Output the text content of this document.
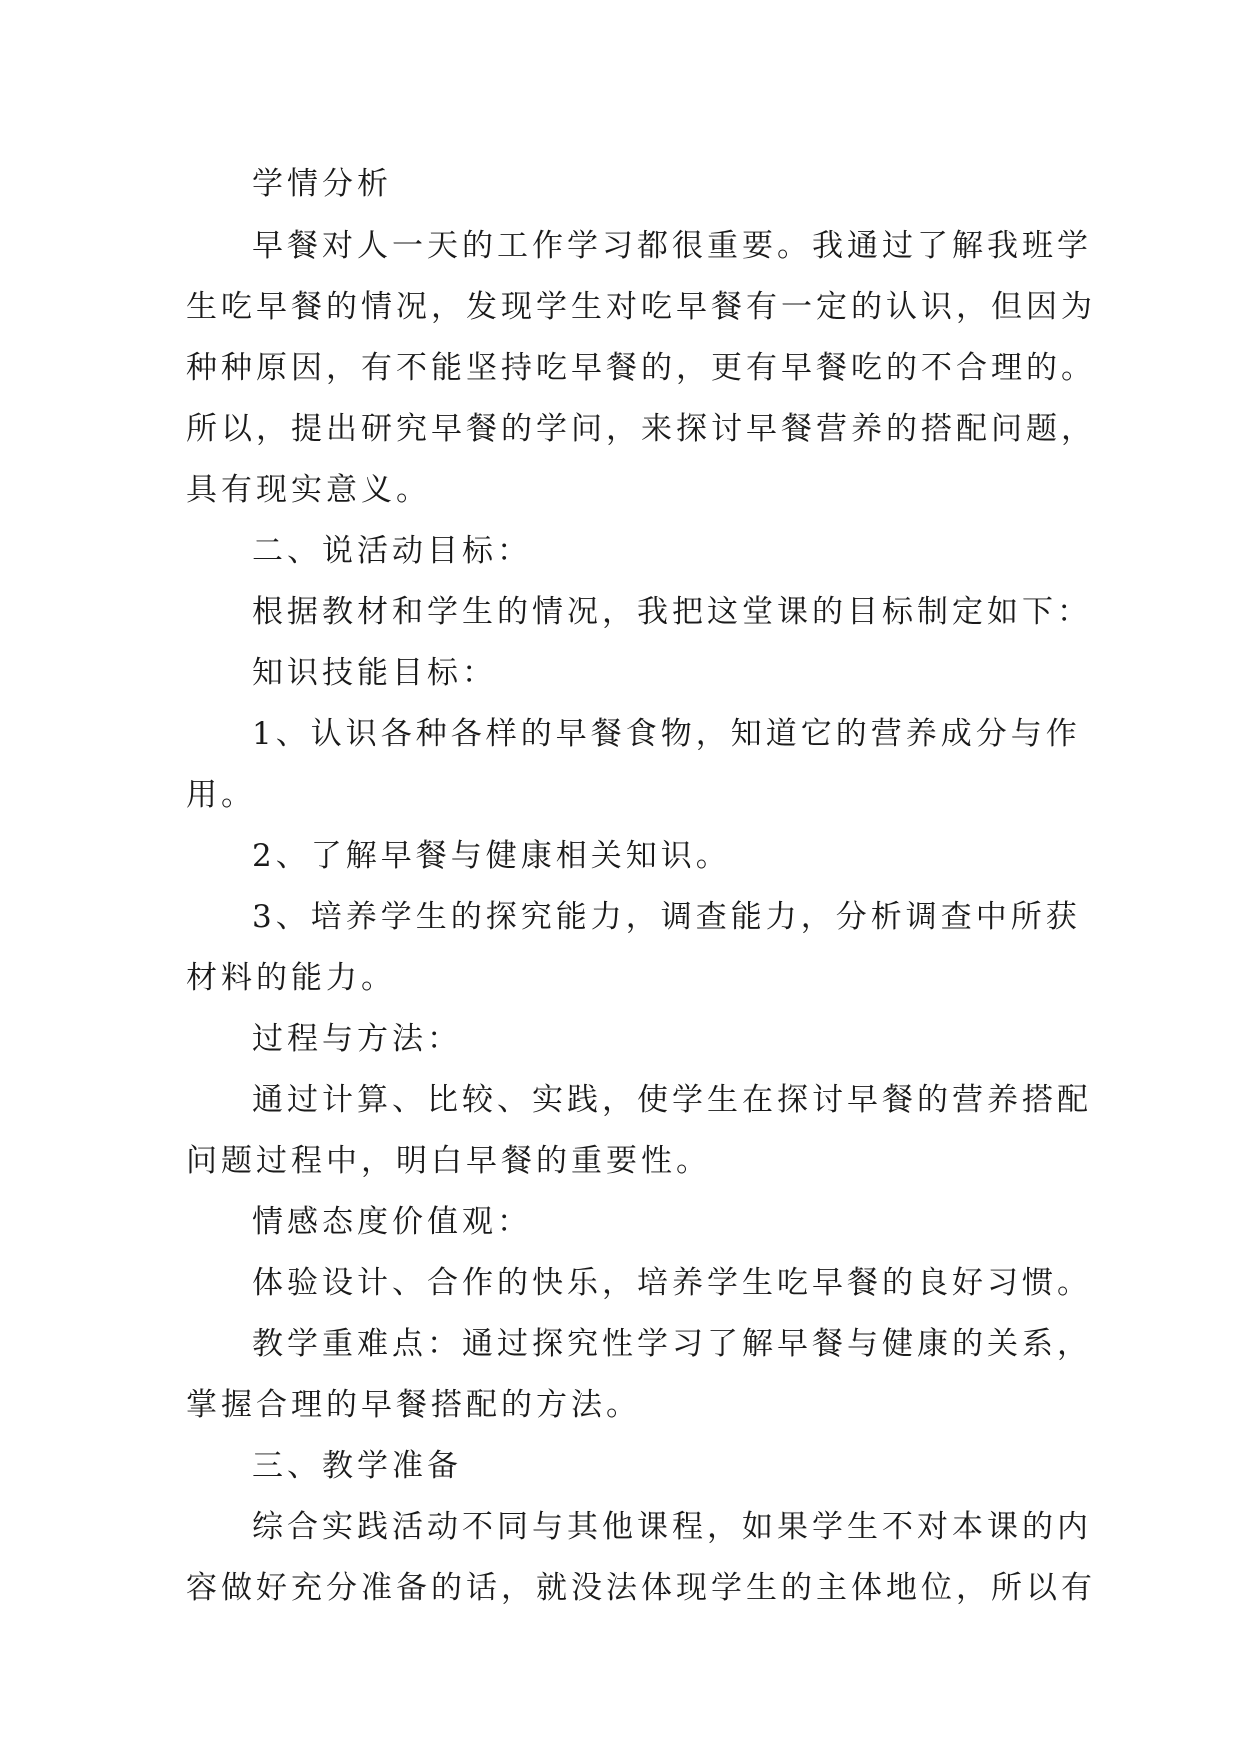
学情分析
早餐对人一天的工作学习都很重要。我通过了解我班学
生吃早餐的情况，发现学生对吃早餐有一定的认识，但因为
种种原因，有不能坚持吃早餐的，更有早餐吃的不合理的。
所以，提出研究早餐的学问，来探讨早餐营养的搭配问题，
具有现实意义。
二、说活动目标：
根据教材和学生的情况，我把这堂课的目标制定如下：
知识技能目标：
1、认识各种各样的早餐食物，知道它的营养成分与作
用。
2、了解早餐与健康相关知识。
3、培养学生的探究能力，调查能力，分析调查中所获
材料的能力。
过程与方法：
通过计算、比较、实践，使学生在探讨早餐的营养搭配
问题过程中，明白早餐的重要性。
情感态度价值观：
体验设计、合作的快乐，培养学生吃早餐的良好习惯。
教学重难点：通过探究性学习了解早餐与健康的关系，
掌握合理的早餐搭配的方法。
三、教学准备
综合实践活动不同与其他课程，如果学生不对本课的内
容做好充分准备的话，就没法体现学生的主体地位，所以有
